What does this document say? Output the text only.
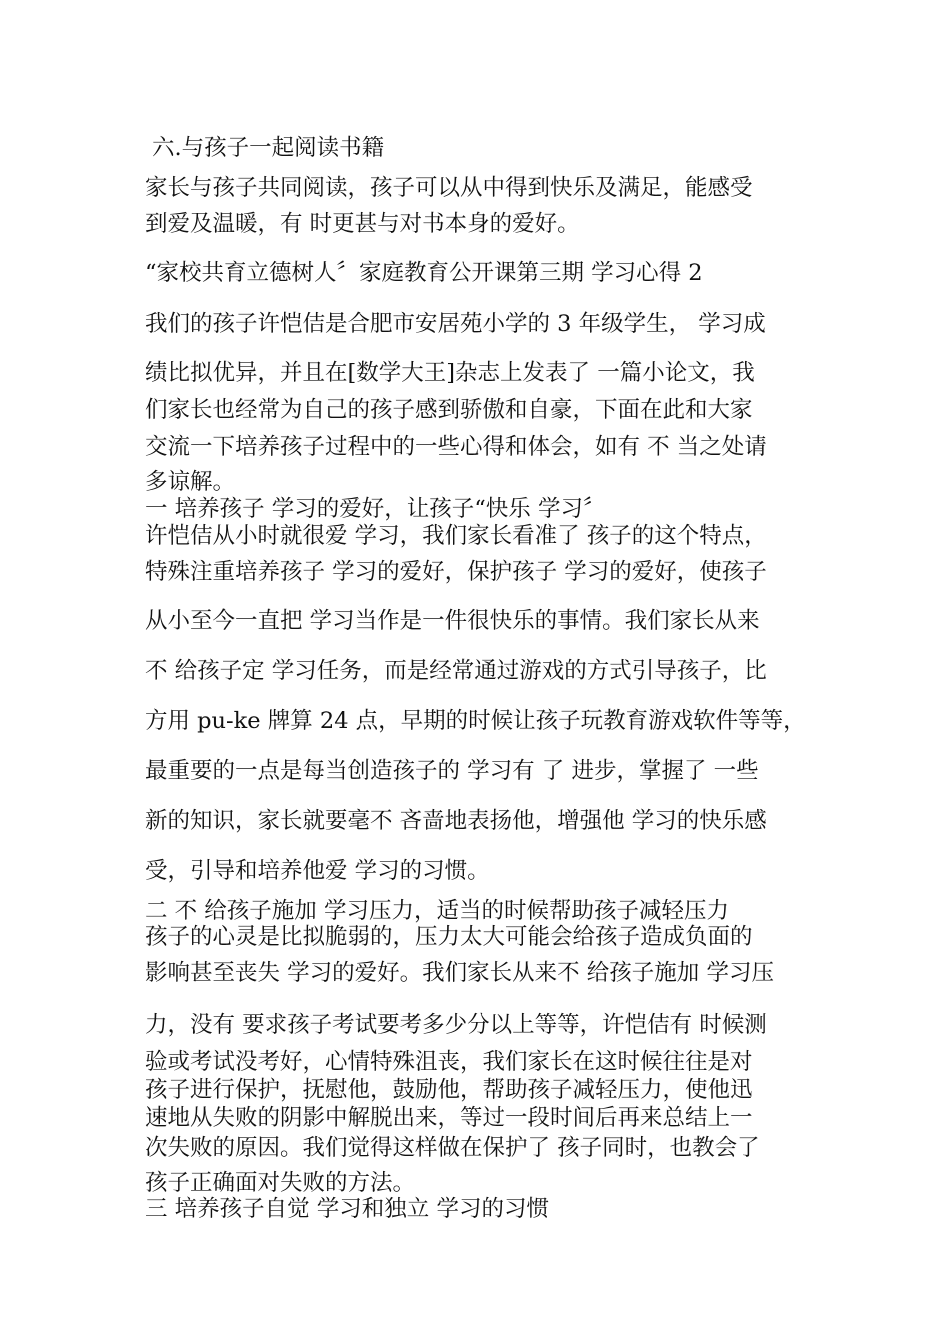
六.与孩子一起阅读书籍
家长与孩子共同阅读，孩子可以从中得到快乐及满足，能感受
到爱及温暖，有 时更甚与对书本身的爱好。
“家校共育立德树人〞家庭教育公开课第三期 学习心得 2
我们的孩子许恺佶是合肥市安居苑小学的 3 年级学生， 学习成
绩比拟优异，并且在[数学大王]杂志上发表了 一篇小论文，我
们家长也经常为自己的孩子感到骄傲和自豪，下面在此和大家
交流一下培养孩子过程中的一些心得和体会，如有 不 当之处请
多谅解。
一 培养孩子 学习的爱好，让孩子“快乐 学习〞
许恺佶从小时就很爱 学习，我们家长看准了 孩子的这个特点，
特殊注重培养孩子 学习的爱好，保护孩子 学习的爱好，使孩子
从小至今一直把 学习当作是一件很快乐的事情。我们家长从来
不 给孩子定 学习任务，而是经常通过游戏的方式引导孩子，比
方用 pu-ke 牌算 24 点，早期的时候让孩子玩教育游戏软件等等，
最重要的一点是每当创造孩子的 学习有 了 进步，掌握了 一些
新的知识，家长就要毫不 吝啬地表扬他，增强他 学习的快乐感
受，引导和培养他爱 学习的习惯。
二 不 给孩子施加 学习压力，适当的时候帮助孩子减轻压力
孩子的心灵是比拟脆弱的，压力太大可能会给孩子造成负面的
影响甚至丧失 学习的爱好。我们家长从来不 给孩子施加 学习压
力，没有 要求孩子考试要考多少分以上等等，许恺佶有 时候测
验或考试没考好，心情特殊沮丧，我们家长在这时候往往是对
孩子进行保护，抚慰他，鼓励他，帮助孩子减轻压力，使他迅
速地从失败的阴影中解脱出来，等过一段时间后再来总结上一
次失败的原因。我们觉得这样做在保护了 孩子同时，也教会了
孩子正确面对失败的方法。
三 培养孩子自觉 学习和独立 学习的习惯
